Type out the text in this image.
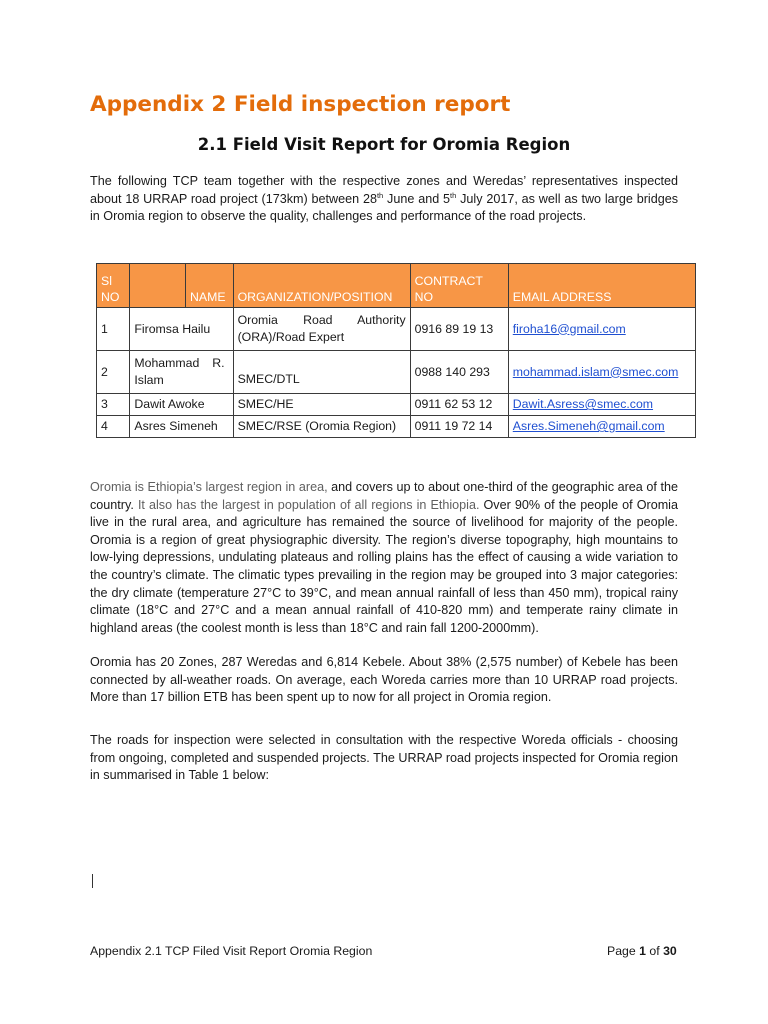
Appendix 2 Field inspection report
2.1 Field Visit Report for Oromia Region

The following TCP team together with the respective zones and Weredas’ representatives inspected about 18 URRAP road project (173km) between 28th June and 5th July 2017, as well as two large bridges in Oromia region to observe the quality, challenges and performance of the road projects.

Sl
NO		NAME	ORGANIZATION/POSITION	CONTRACT NO	EMAIL ADDRESS
1	Firomsa Hailu		Oromia Road Authority (ORA)/Road Expert	0916 89 19 13	firoha16@gmail.com
2	Mohammad R. Islam		SMEC/DTL	0988 140 293	mohammad.islam@smec.com
3	Dawit Awoke		SMEC/HE	0911 62 53 12	Dawit.Asress@smec.com
4	Asres Simeneh		SMEC/RSE (Oromia Region)	0911 19 72 14	Asres.Simeneh@gmail.com

Oromia is Ethiopia’s largest region in area, and covers up to about one-third of the geographic area of the country. It also has the largest in population of all regions in Ethiopia. Over 90% of the people of Oromia live in the rural area, and agriculture has remained the source of livelihood for majority of the people. Oromia is a region of great physiographic diversity. The region’s diverse topography, high mountains to low-lying depressions, undulating plateaus and rolling plains has the effect of causing a wide variation to the country’s climate. The climatic types prevailing in the region may be grouped into 3 major categories: the dry climate (temperature 27°C to 39°C, and mean annual rainfall of less than 450 mm), tropical rainy climate (18°C and 27°C and a mean annual rainfall of 410-820 mm) and temperate rainy climate in highland areas (the coolest month is less than 18°C and rain fall 1200-2000mm).

Oromia has 20 Zones, 287 Weredas and 6,814 Kebele. About 38% (2,575 number) of Kebele has been connected by all-weather roads. On average, each Woreda carries more than 10 URRAP road projects. More than 17 billion ETB has been spent up to now for all project in Oromia region.

The roads for inspection were selected in consultation with the respective Woreda officials - choosing from ongoing, completed and suspended projects. The URRAP road projects inspected for Oromia region in summarised in Table 1 below:

Appendix 2.1 TCP Filed Visit Report Oromia Region	Page 1 of 30
